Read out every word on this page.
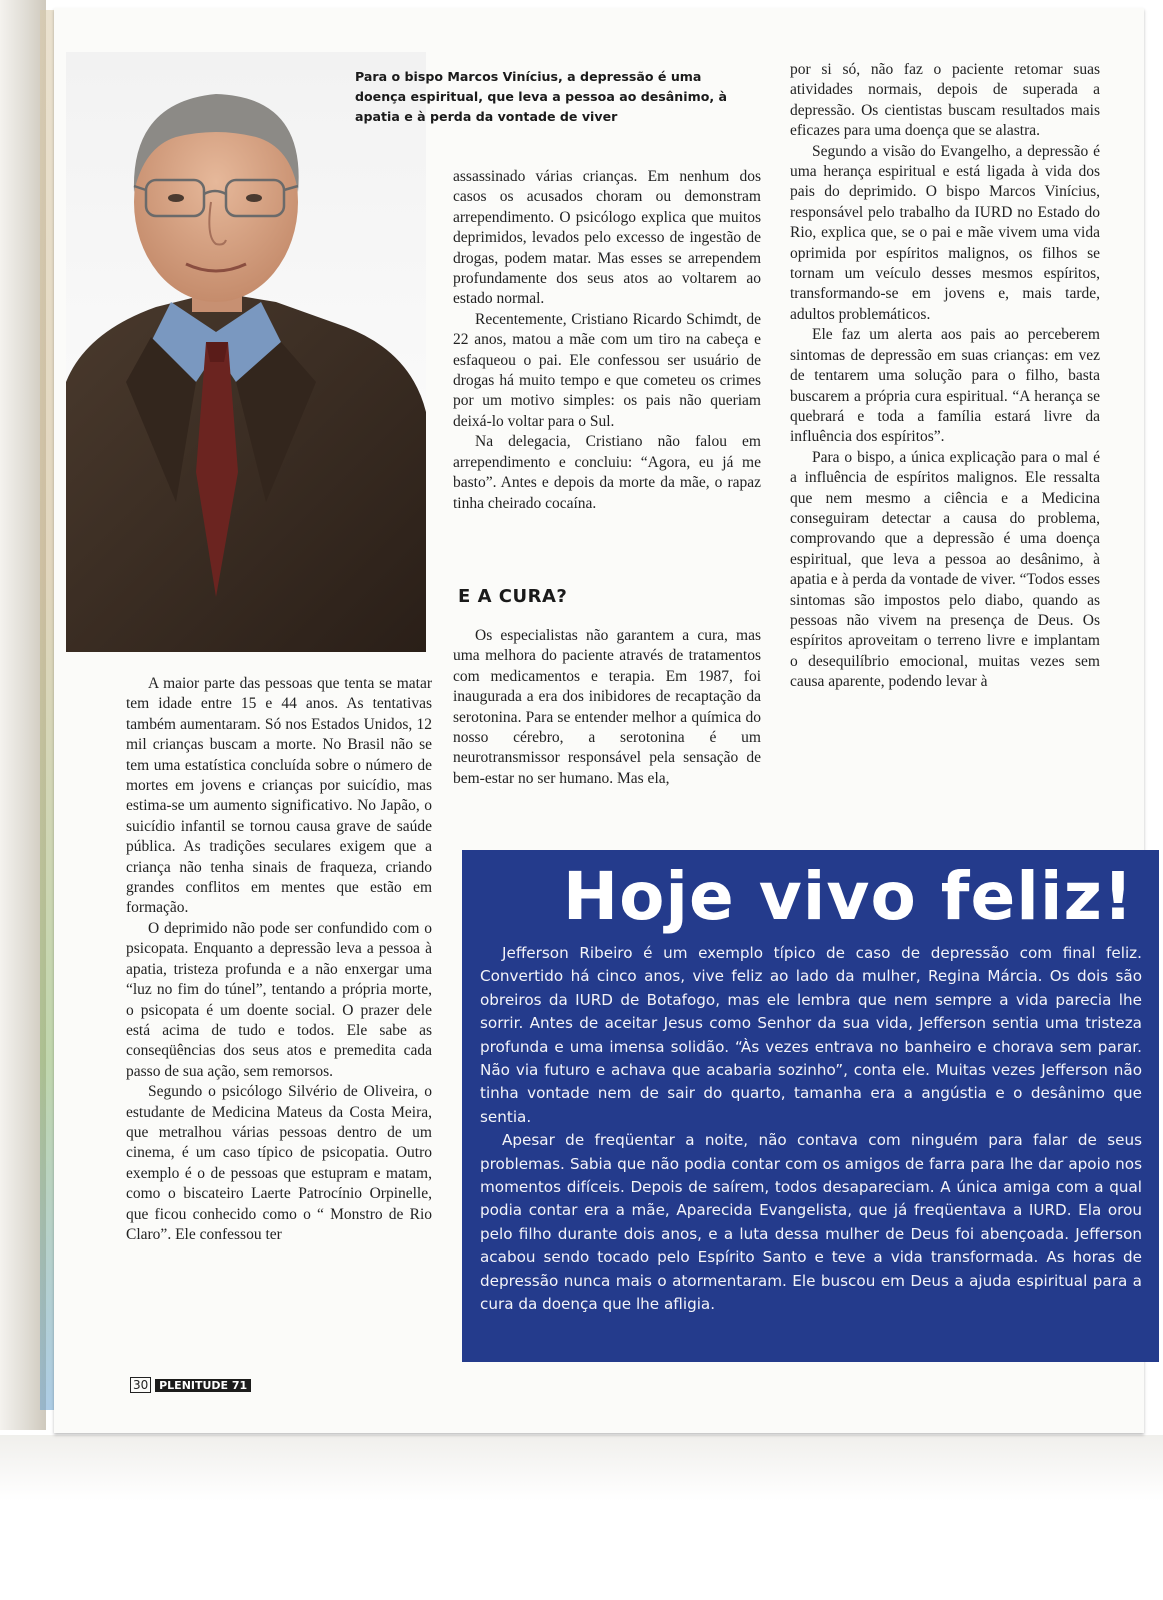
Para o bispo Marcos Vinícius, a depressão é uma doença espiritual, que leva a pessoa ao desânimo, à apatia e à perda da vontade de viver

A maior parte das pessoas que tenta se matar tem idade entre 15 e 44 anos. As tentativas também aumentaram. Só nos Estados Unidos, 12 mil crianças buscam a morte. No Brasil não se tem uma estatística concluída sobre o número de mortes em jovens e crianças por suicídio, mas estima-se um aumento significativo. No Japão, o suicídio infantil se tornou causa grave de saúde pública. As tradições seculares exigem que a criança não tenha sinais de fraqueza, criando grandes conflitos em mentes que estão em formação.

O deprimido não pode ser confundido com o psicopata. Enquanto a depressão leva a pessoa à apatia, tristeza profunda e a não enxergar uma “luz no fim do túnel”, tentando a própria morte, o psicopata é um doente social. O prazer dele está acima de tudo e todos. Ele sabe as conseqüências dos seus atos e premedita cada passo de sua ação, sem remorsos.

Segundo o psicólogo Silvério de Oliveira, o estudante de Medicina Mateus da Costa Meira, que metralhou várias pessoas dentro de um cinema, é um caso típico de psicopatia. Outro exemplo é o de pessoas que estupram e matam, como o biscateiro Laerte Patrocínio Orpinelle, que ficou conhecido como o “ Monstro de Rio Claro”. Ele confessou ter

assassinado várias crianças. Em nenhum dos casos os acusados choram ou demonstram arrependimento. O psicólogo explica que muitos deprimidos, levados pelo excesso de ingestão de drogas, podem matar. Mas esses se arrependem profundamente dos seus atos ao voltarem ao estado normal.

Recentemente, Cristiano Ricardo Schimdt, de 22 anos, matou a mãe com um tiro na cabeça e esfaqueou o pai. Ele confessou ser usuário de drogas há muito tempo e que cometeu os crimes por um motivo simples: os pais não queriam deixá-lo voltar para o Sul.

Na delegacia, Cristiano não falou em arrependimento e concluiu: “Agora, eu já me basto”. Antes e depois da morte da mãe, o rapaz tinha cheirado cocaína.

E A CURA?

Os especialistas não garantem a cura, mas uma melhora do paciente através de tratamentos com medicamentos e terapia. Em 1987, foi inaugurada a era dos inibidores de recaptação da serotonina. Para se entender melhor a química do nosso cérebro, a serotonina é um neurotransmissor responsável pela sensação de bem-estar no ser humano. Mas ela,

por si só, não faz o paciente retomar suas atividades normais, depois de superada a depressão. Os cientistas buscam resultados mais eficazes para uma doença que se alastra.

Segundo a visão do Evangelho, a depressão é uma herança espiritual e está ligada à vida dos pais do deprimido. O bispo Marcos Vinícius, responsável pelo trabalho da IURD no Estado do Rio, explica que, se o pai e mãe vivem uma vida oprimida por espíritos malignos, os filhos se tornam um veículo desses mesmos espíritos, transformando-se em jovens e, mais tarde, adultos problemáticos.

Ele faz um alerta aos pais ao perceberem sintomas de depressão em suas crianças: em vez de tentarem uma solução para o filho, basta buscarem a própria cura espiritual. “A herança se quebrará e toda a família estará livre da influência dos espíritos”.

Para o bispo, a única explicação para o mal é a influência de espíritos malignos. Ele ressalta que nem mesmo a ciência e a Medicina conseguiram detectar a causa do problema, comprovando que a depressão é uma doença espiritual, que leva a pessoa ao desânimo, à apatia e à perda da vontade de viver. “Todos esses sintomas são impostos pelo diabo, quando as pessoas não vivem na presença de Deus. Os espíritos aproveitam o terreno livre e implantam o desequilíbrio emocional, muitas vezes sem causa aparente, podendo levar à

Hoje vivo feliz!

Jefferson Ribeiro é um exemplo típico de caso de depressão com final feliz. Convertido há cinco anos, vive feliz ao lado da mulher, Regina Márcia. Os dois são obreiros da IURD de Botafogo, mas ele lembra que nem sempre a vida parecia lhe sorrir. Antes de aceitar Jesus como Senhor da sua vida, Jefferson sentia uma tristeza profunda e uma imensa solidão. “Às vezes entrava no banheiro e chorava sem parar. Não via futuro e achava que acabaria sozinho”, conta ele. Muitas vezes Jefferson não tinha vontade nem de sair do quarto, tamanha era a angústia e o desânimo que sentia.

Apesar de freqüentar a noite, não contava com ninguém para falar de seus problemas. Sabia que não podia contar com os amigos de farra para lhe dar apoio nos momentos difíceis. Depois de saírem, todos desapareciam. A única amiga com a qual podia contar era a mãe, Aparecida Evangelista, que já freqüentava a IURD. Ela orou pelo filho durante dois anos, e a luta dessa mulher de Deus foi abençoada. Jefferson acabou sendo tocado pelo Espírito Santo e teve a vida transformada. As horas de depressão nunca mais o atormentaram. Ele buscou em Deus a ajuda espiritual para a cura da doença que lhe afligia.

30 PLENITUDE 71
